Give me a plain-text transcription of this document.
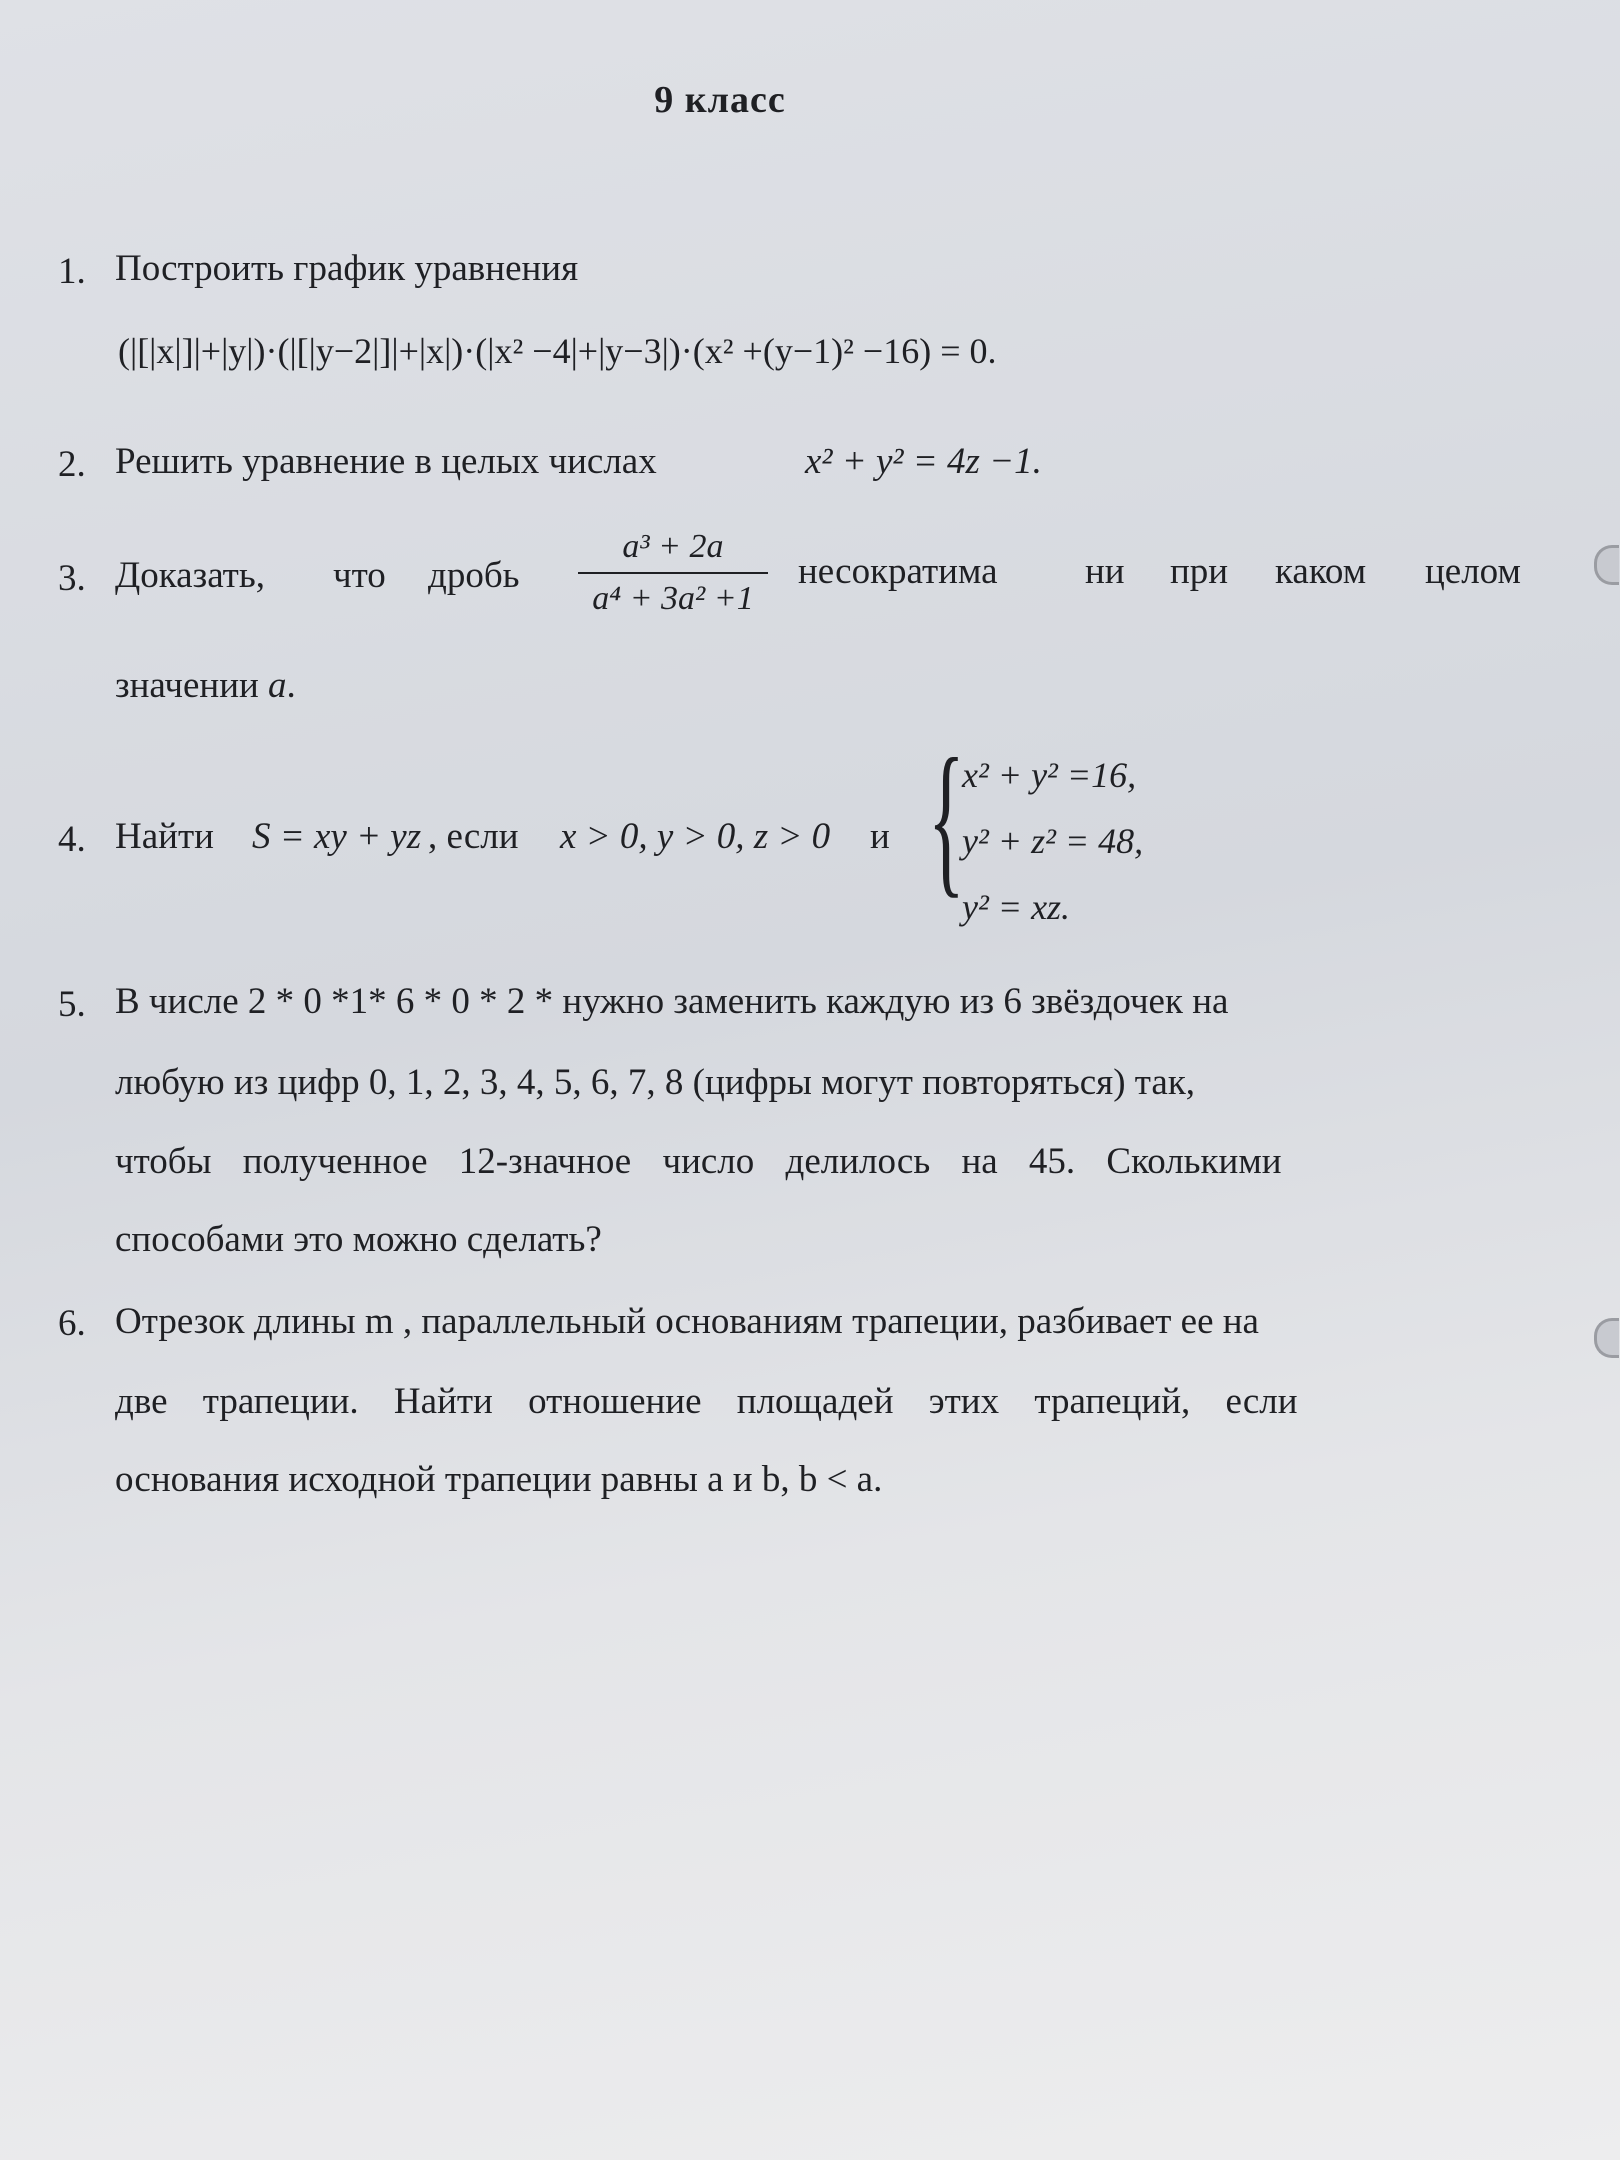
9 класс
1. Построить график уравнения
(|[|x|]|+|y|)·(|[|y−2|]|+|x|)·(|x² −4|+|y−3|)·(x² +(y−1)² −16) = 0.
2. Решить уравнение в целых числах	x² + y² = 4z −1.
3. Доказать, что дробь
a³ + 2a
a⁴ + 3a² +1
несократима ни при каком целом
значении a.
4. Найти S = xy + yz , если x > 0, y > 0, z > 0 и {
x² + y² =16,
y² + z² = 48,
y² = xz.
5. В числе 2 * 0 *1* 6 * 0 * 2 * нужно заменить каждую из 6 звёздочек на
любую из цифр 0, 1, 2, 3, 4, 5, 6, 7, 8 (цифры могут повторяться) так,
чтобы полученное 12-значное число делилось на 45. Сколькими
способами это можно сделать?
6. Отрезок длины m , параллельный основаниям трапеции, разбивает ее на
две трапеции. Найти отношение площадей этих трапеций, если
основания исходной трапеции равны a и b, b < a.
